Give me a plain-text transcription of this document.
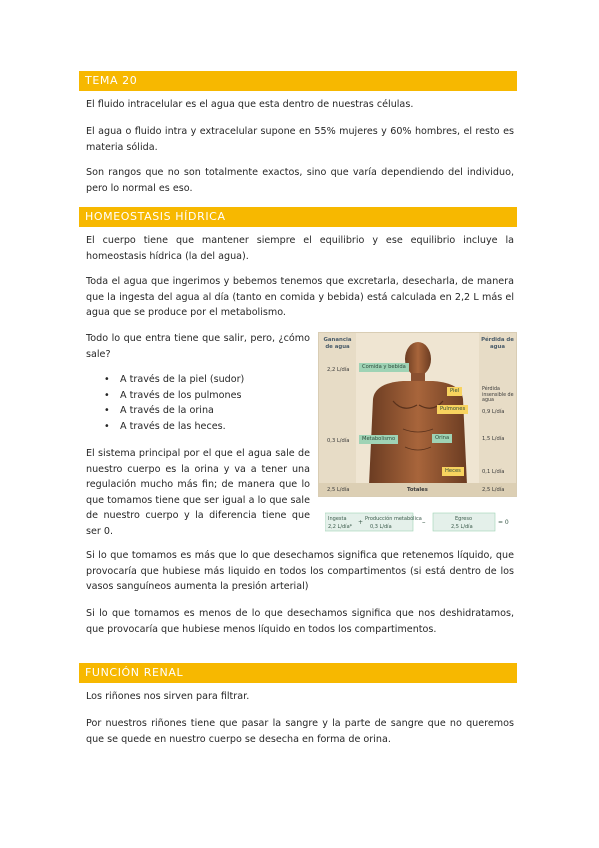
TEMA 20

El fluido intracelular es el agua que esta dentro de nuestras células.

El agua o fluido intra y extracelular supone en 55% mujeres y 60% hombres, el resto es materia sólida.

Son rangos que no son totalmente exactos, sino que varía dependiendo del individuo, pero lo normal es eso.

HOMEOSTASIS HÍDRICA

El cuerpo tiene que mantener siempre el equilibrio y ese equilibrio incluye la homeostasis hídrica (la del agua).

Toda el agua que ingerimos y bebemos tenemos que excretarla, desecharla, de manera que la ingesta del agua al día (tanto en comida y bebida) está calculada en 2,2 L más el agua que se produce por el metabolismo.

Todo lo que entra tiene que salir, pero, ¿cómo sale?

• A través de la piel (sudor)
• A través de los pulmones
• A través de la orina
• A través de las heces.

El sistema principal por el que el agua sale de nuestro cuerpo es la orina y va a tener una regulación mucho más fin; de manera que lo que tomamos tiene que ser igual a lo que sale de nuestro cuerpo y la diferencia tiene que ser 0.

Ganancia de agua
Pérdida de agua
2,2 L/día	Comida y bebida
0,3 L/día	Metabolismo
Piel
Pulmones
Pérdida insensible de agua
0,9 L/día
Orina	1,5 L/día
Heces	0,1 L/día
2,5 L/día	Totales	2,5 L/día
Ingesta
2,2 L/día*
+ Producción metabólica
0,3 L/día
–	Egreso
2,5 L/día
= 0

Si lo que tomamos es más que lo que desechamos significa que retenemos líquido, que provocaría que hubiese más liquido en todos los compartimentos (si está dentro de los vasos sanguíneos aumenta la presión arterial)

Si lo que tomamos es menos de lo que desechamos significa que nos deshidratamos, que provocaría que hubiese menos líquido en todos los compartimentos.

FUNCIÓN RENAL

Los riñones nos sirven para filtrar.

Por nuestros riñones tiene que pasar la sangre y la parte de sangre que no queremos que se quede en nuestro cuerpo se desecha en forma de orina.
